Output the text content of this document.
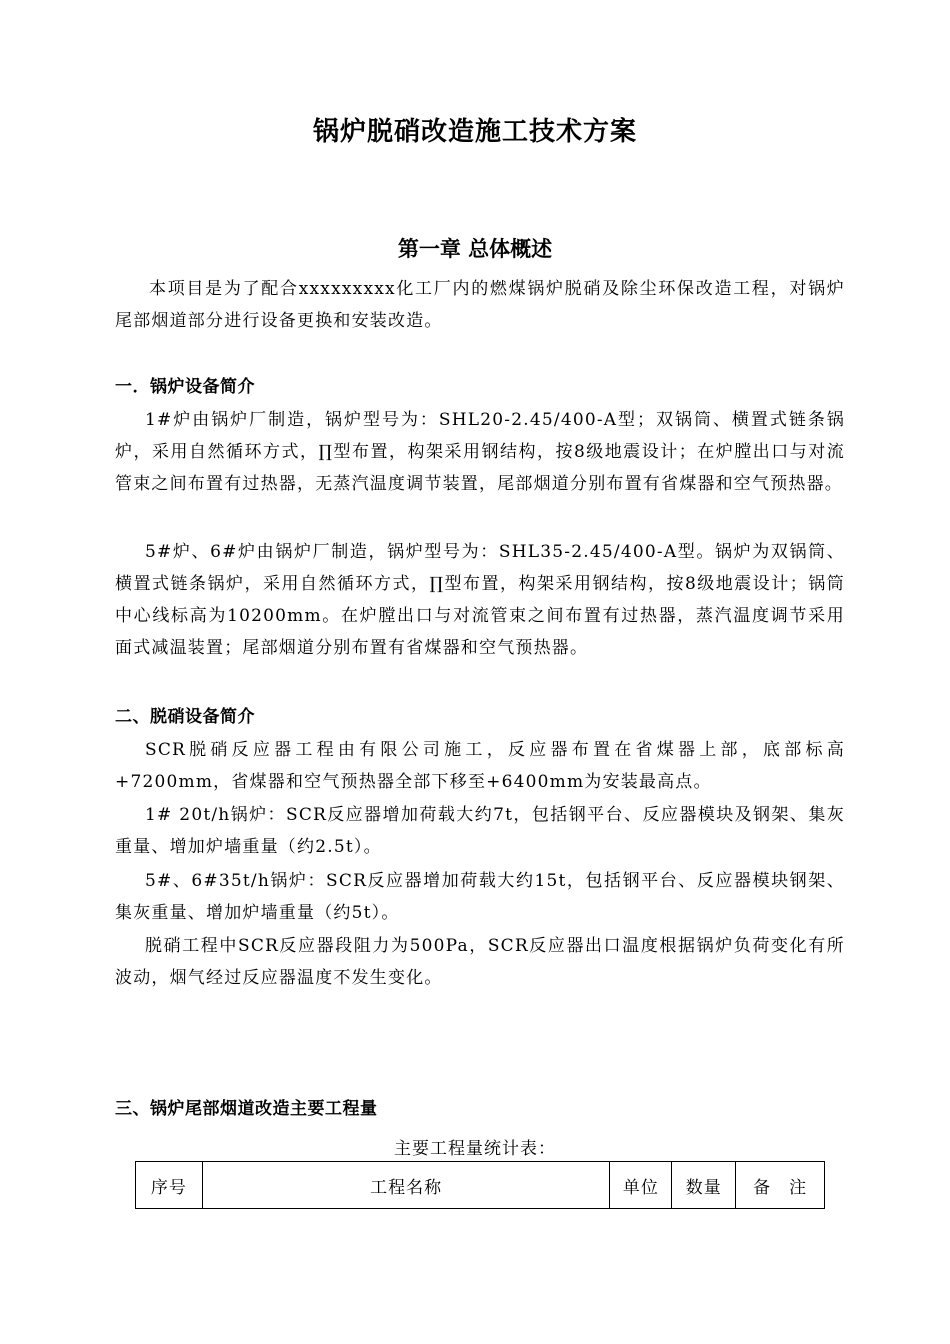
锅炉脱硝改造施工技术方案
第一章 总体概述

本项目是为了配合xxxxxxxxx化工厂内的燃煤锅炉脱硝及除尘环保改造工程，对锅炉尾部烟道部分进行设备更换和安装改造。

一．锅炉设备简介

1#炉由锅炉厂制造，锅炉型号为：SHL20-2.45/400-A型；双锅筒、横置式链条锅炉，采用自然循环方式，∏型布置，构架采用钢结构，按8级地震设计；在炉膛出口与对流管束之间布置有过热器，无蒸汽温度调节装置，尾部烟道分别布置有省煤器和空气预热器。

5#炉、6#炉由锅炉厂制造，锅炉型号为：SHL35-2.45/400-A型。锅炉为双锅筒、横置式链条锅炉，采用自然循环方式，∏型布置，构架采用钢结构，按8级地震设计；锅筒中心线标高为10200mm。在炉膛出口与对流管束之间布置有过热器，蒸汽温度调节采用面式减温装置；尾部烟道分别布置有省煤器和空气预热器。

二、脱硝设备简介

SCR脱硝反应器工程由有限公司施工，反应器布置在省煤器上部，底部标高+7200mm，省煤器和空气预热器全部下移至+6400mm为安装最高点。

1# 20t/h锅炉：SCR反应器增加荷载大约7t，包括钢平台、反应器模块及钢架、集灰重量、增加炉墙重量（约2.5t）。

5#、6#35t/h锅炉：SCR反应器增加荷载大约15t，包括钢平台、反应器模块钢架、集灰重量、增加炉墙重量（约5t）。

脱硝工程中SCR反应器段阻力为500Pa，SCR反应器出口温度根据锅炉负荷变化有所波动，烟气经过反应器温度不发生变化。

三、锅炉尾部烟道改造主要工程量
主要工程量统计表：
序号	工程名称	单位	数量	备　注
